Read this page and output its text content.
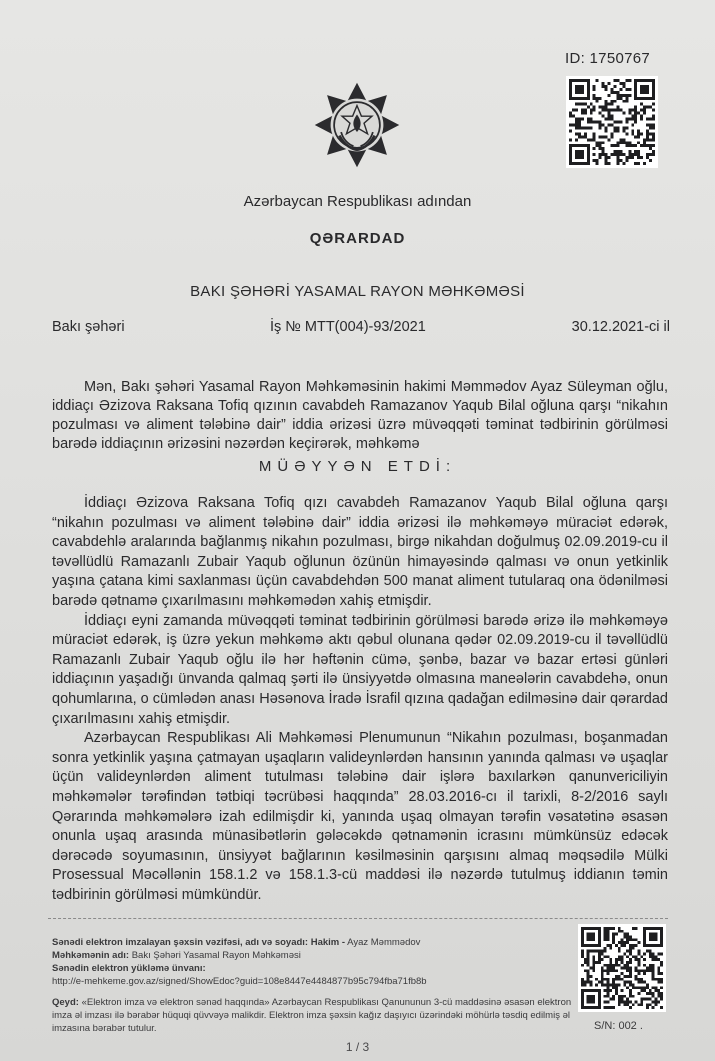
ID: 1750767
Azərbaycan Respublikası adından
QƏRARDAD
BAKI ŞƏHƏRİ YASAMAL RAYON MƏHKƏMƏSİ
Bakı şəhəri	İş № MTT(004)-93/2021	30.12.2021-ci il

Mən, Bakı şəhəri Yasamal Rayon Məhkəməsinin hakimi Məmmədov Ayaz Süleyman oğlu, iddiaçı Əzizova Raksana Tofiq qızının cavabdeh Ramazanov Yaqub Bilal oğluna qarşı “nikahın pozulması və aliment tələbinə dair” iddia ərizəsi üzrə müvəqqəti təminat tədbirinin görülməsi barədə iddiaçının ərizəsini nəzərdən keçirərək, məhkəmə

MÜƏYYƏN ETDİ:

İddiaçı Əzizova Raksana Tofiq qızı cavabdeh Ramazanov Yaqub Bilal oğluna qarşı “nikahın pozulması və aliment tələbinə dair” iddia ərizəsi ilə məhkəməyə müraciət edərək, cavabdehlə aralarında bağlanmış nikahın pozulması, birgə nikahdan doğulmuş 02.09.2019-cu il təvəllüdlü Ramazanlı Zubair Yaqub oğlunun özünün himayəsində qalması və onun yetkinlik yaşına çatana kimi saxlanması üçün cavabdehdən 500 manat aliment tutularaq ona ödənilməsi barədə qətnamə çıxarılmasını məhkəmədən xahiş etmişdir.

İddiaçı eyni zamanda müvəqqəti təminat tədbirinin görülməsi barədə ərizə ilə məhkəməyə müraciət edərək, iş üzrə yekun məhkəmə aktı qəbul olunana qədər 02.09.2019-cu il təvəllüdlü Ramazanlı Zubair Yaqub oğlu ilə hər həftənin cümə, şənbə, bazar və bazar ertəsi günləri iddiaçının yaşadığı ünvanda qalmaq şərti ilə ünsiyyətdə olmasına maneələrin cavabdehə, onun qohumlarına, o cümlədən anası Həsənova İradə İsrafil qızına qadağan edilməsinə dair qərardad çıxarılmasını xahiş etmişdir.

Azərbaycan Respublikası Ali Məhkəməsi Plenumunun “Nikahın pozulması, boşanmadan sonra yetkinlik yaşına çatmayan uşaqların valideynlərdən hansının yanında qalması və uşaqlar üçün valideynlərdən aliment tutulması tələbinə dair işlərə baxılarkən qanunvericiliyin məhkəmələr tərəfindən tətbiqi təcrübəsi haqqında” 28.03.2016-cı il tarixli, 8-2/2016 saylı Qərarında məhkəmələrə izah edilmişdir ki, yanında uşaq olmayan tərəfin vəsatətinə əsasən onunla uşaq arasında münasibətlərin gələcəkdə qətnamənin icrasını mümkünsüz edəcək dərəcədə soyumasının, ünsiyyət bağlarının kəsilməsinin qarşısını almaq məqsədilə Mülki Prosessual Məcəllənin 158.1.2 və 158.1.3-cü maddəsi ilə nəzərdə tutulmuş iddianın təmin tədbirinin görülməsi mümkündür.

Sənədi elektron imzalayan şəxsin vəzifəsi, adı və soyadı: Hakim - Ayaz Məmmədov
Məhkəmənin adı: Bakı Şəhəri Yasamal Rayon Məhkəməsi
Sənədin elektron yükləmə ünvanı:
http://e-mehkeme.gov.az/signed/ShowEdoc?guid=108e8447e4484877b95c794fba71fb8b
Qeyd: «Elektron imza və elektron sənəd haqqında» Azərbaycan Respublikası Qanununun 3-cü maddəsinə əsasən elektron imza əl imzası ilə bərabər hüquqi qüvvəyə malikdir. Elektron imza şəxsin kağız daşıyıcı üzərindəki möhürlə təsdiq edilmiş əl imzasına bərabər tutulur.	S/N: 002 .
1 / 3
